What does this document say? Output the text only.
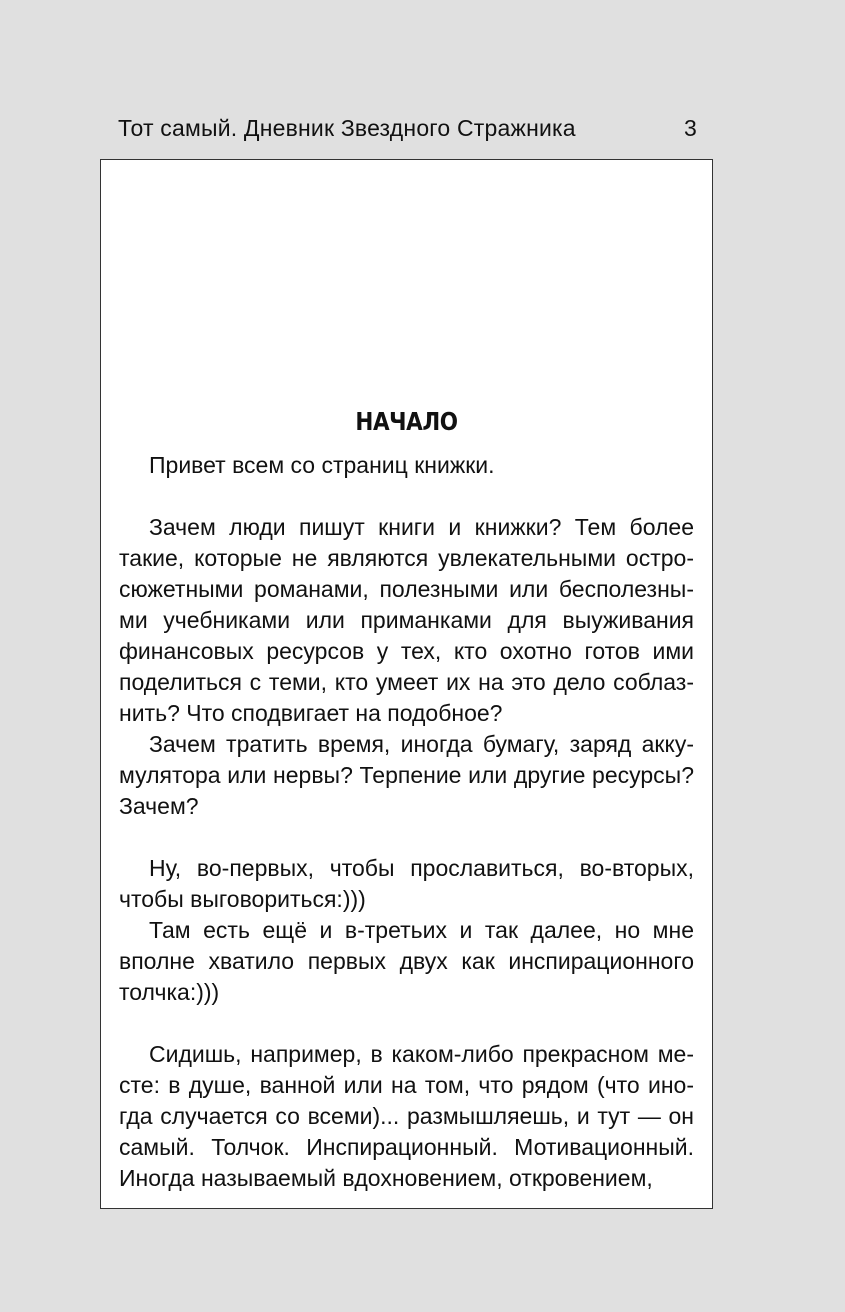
Тот самый. Дневник Звездного Стражника	3
НАЧАЛО

Привет всем со страниц книжки.

Зачем люди пишут книги и книжки? Тем более такие, которые не являются увлекательными остросюжетными романами, полезными или бесполезными учебниками или приманками для выуживания финансовых ресурсов у тех, кто охотно готов ими поделиться с теми, кто умеет их на это дело соблазнить? Что сподвигает на подобное?

Зачем тратить время, иногда бумагу, заряд аккумулятора или нервы? Терпение или другие ресурсы? Зачем?

Ну, во-первых, чтобы прославиться, во-вторых, чтобы выговориться:)))

Там есть ещё и в-третьих и так далее, но мне вполне хватило первых двух как инспирационного толчка:)))

Сидишь, например, в каком-либо прекрасном месте: в душе, ванной или на том, что рядом (что иногда случается со всеми)... размышляешь, и тут — он самый. Толчок. Инспирационный. Мотивационный. Иногда называемый вдохновением, откровением,
